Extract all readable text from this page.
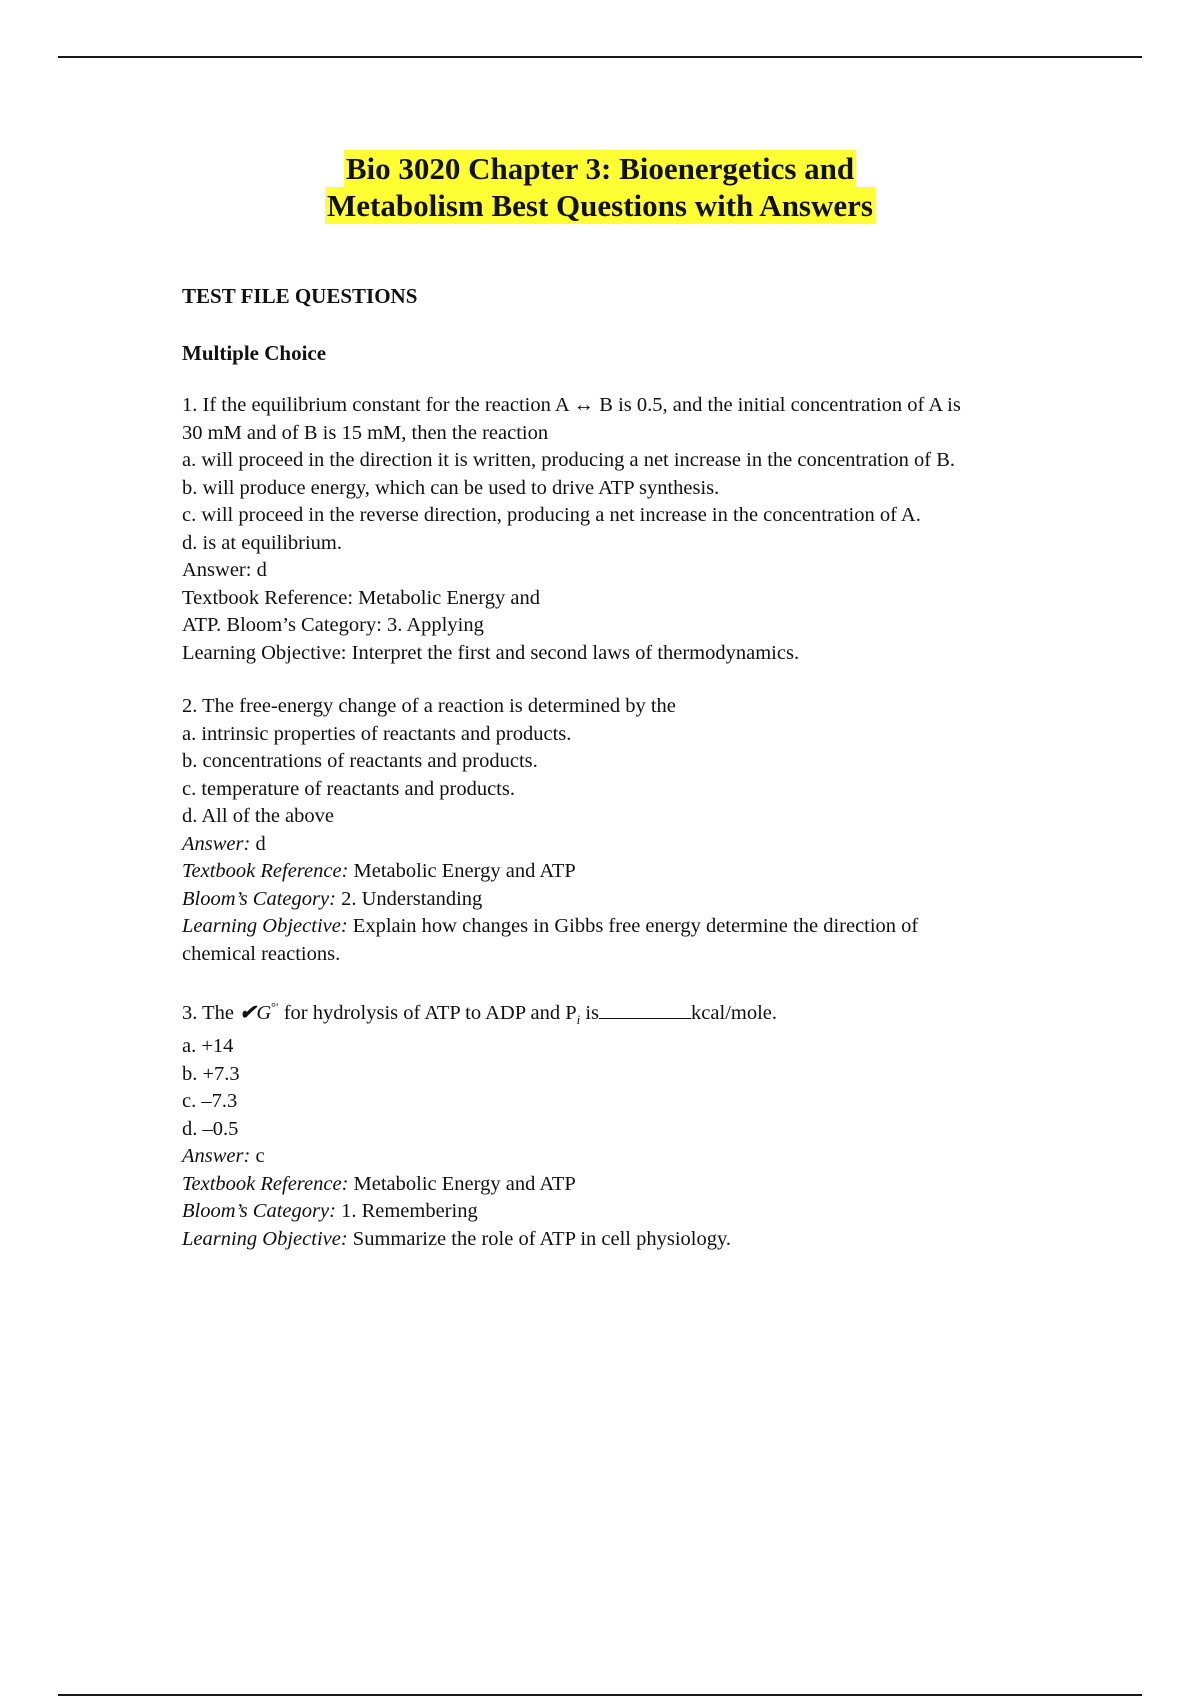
Bio 3020 Chapter 3: Bioenergetics and
Metabolism Best Questions with Answers

TEST FILE QUESTIONS

Multiple Choice

1. If the equilibrium constant for the reaction A ↔ B is 0.5, and the initial concentration of A is

30 mM and of B is 15 mM, then the reaction

a. will proceed in the direction it is written, producing a net increase in the concentration of B.

b. will produce energy, which can be used to drive ATP synthesis.

c. will proceed in the reverse direction, producing a net increase in the concentration of A.

d. is at equilibrium.

Answer: d

Textbook Reference: Metabolic Energy and

ATP. Bloom’s Category: 3. Applying

Learning Objective: Interpret the first and second laws of thermodynamics.

2. The free-energy change of a reaction is determined by the

a. intrinsic properties of reactants and products.

b. concentrations of reactants and products.

c. temperature of reactants and products.

d. All of the above

Answer: d

Textbook Reference: Metabolic Energy and ATP

Bloom’s Category: 2. Understanding

Learning Objective: Explain how changes in Gibbs free energy determine the direction of

chemical reactions.

3. The ✔G°′ for hydrolysis of ATP to ADP and $P_i$ is	kcal/mole.

a. +14

b. +7.3

c. –7.3

d. –0.5

Answer: c

Textbook Reference: Metabolic Energy and ATP

Bloom’s Category: 1. Remembering

Learning Objective: Summarize the role of ATP in cell physiology.
